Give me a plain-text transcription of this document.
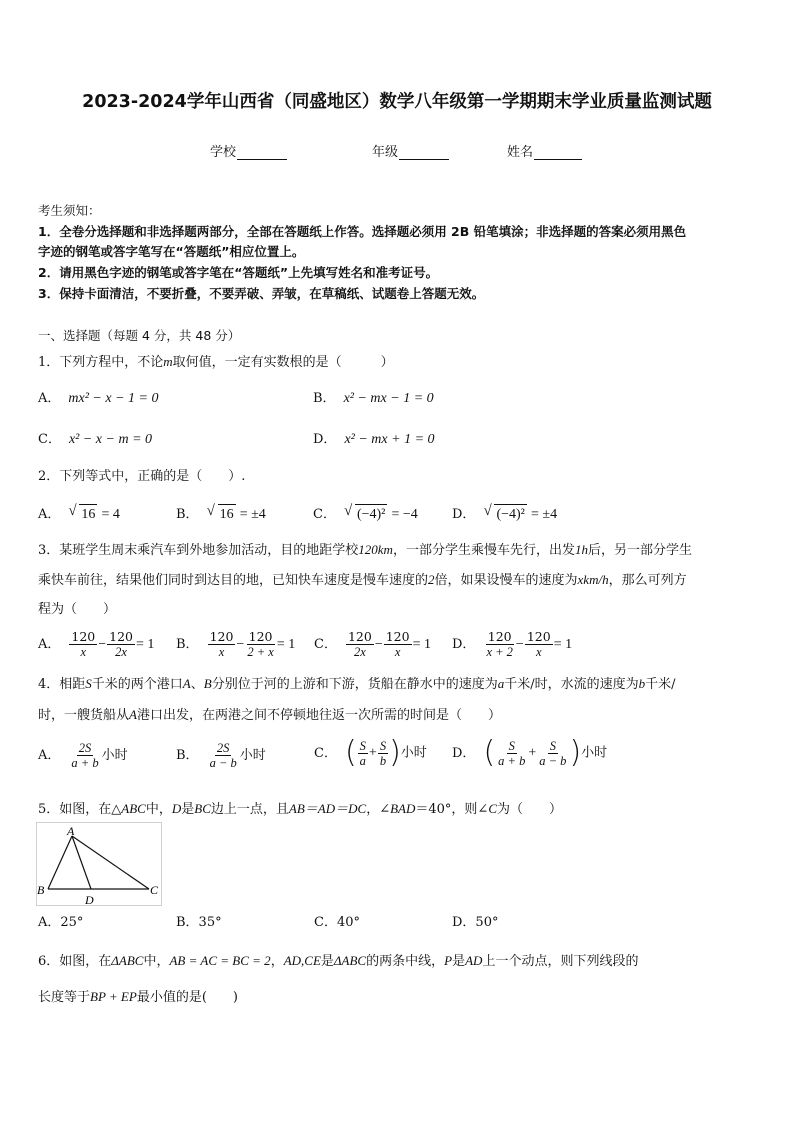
2023-2024学年山西省（同盛地区）数学八年级第一学期期末学业质量监测试题
学校	年级	姓名
考生须知：
1．全卷分选择题和非选择题两部分，全部在答题纸上作答。选择题必须用 2B 铅笔填涂；非选择题的答案必须用黑色
字迹的钢笔或答字笔写在“答题纸”相应位置上。
2．请用黑色字迹的钢笔或答字笔在“答题纸”上先填写姓名和准考证号。
3．保持卡面清洁，不要折叠，不要弄破、弄皱，在草稿纸、试题卷上答题无效。
一、选择题（每题 4 分，共 48 分）
1．下列方程中，不论m取何值，一定有实数根的是（　　　）
A． mx² − x − 1 = 0	B． x² − mx − 1 = 0
C． x² − x − m = 0	D． x² − mx + 1 = 0
2．下列等式中，正确的是（　　）.
A． √ 16 = 4	B． √ 16 = ±4	C． √ (−4)² = −4	D． √ (−4)² = ±4
3．某班学生周末乘汽车到外地参加活动，目的地距学校120km，一部分学生乘慢车先行，出发1h后，另一部分学生
乘快车前往，结果他们同时到达目的地，已知快车速度是慢车速度的2倍，如果设慢车的速度为xkm/h，那么可列方
程为（　　）
A． $\frac{120}{x} - \frac{120}{2x} = 1$ B． $\frac{120}{x} - \frac{120}{2 + x} = 1$ C． $\frac{120}{2x} - \frac{120}{x} = 1$ D． $\frac{120}{x + 2} - \frac{120}{x} = 1$
4．相距S千米的两个港口A、B分别位于河的上游和下游，货船在静水中的速度为a千米/时，水流的速度为b千米/
时，一艘货船从A港口出发，在两港之间不停顿地往返一次所需的时间是（　　）
A． $\frac{2S}{a + b}$ 小时	B． $\frac{2S}{a - b}$ 小时	C． ( $\frac{S}{a} + \frac{S}{b}$ )小时 D． ( $\frac{S}{a + b} + \frac{S}{a - b}$ )小时
5．如图，在△ABC中，D是BC边上一点，且AB＝AD＝DC，∠BAD＝40°，则∠C为（　　）
A
B	C
D
A．25°	B．35°	C．40°	D．50°
6．如图，在ΔABC中，AB = AC = BC = 2，AD,CE是ΔABC的两条中线，P是AD上一个动点，则下列线段的
长度等于BP + EP最小值的是(　　)
